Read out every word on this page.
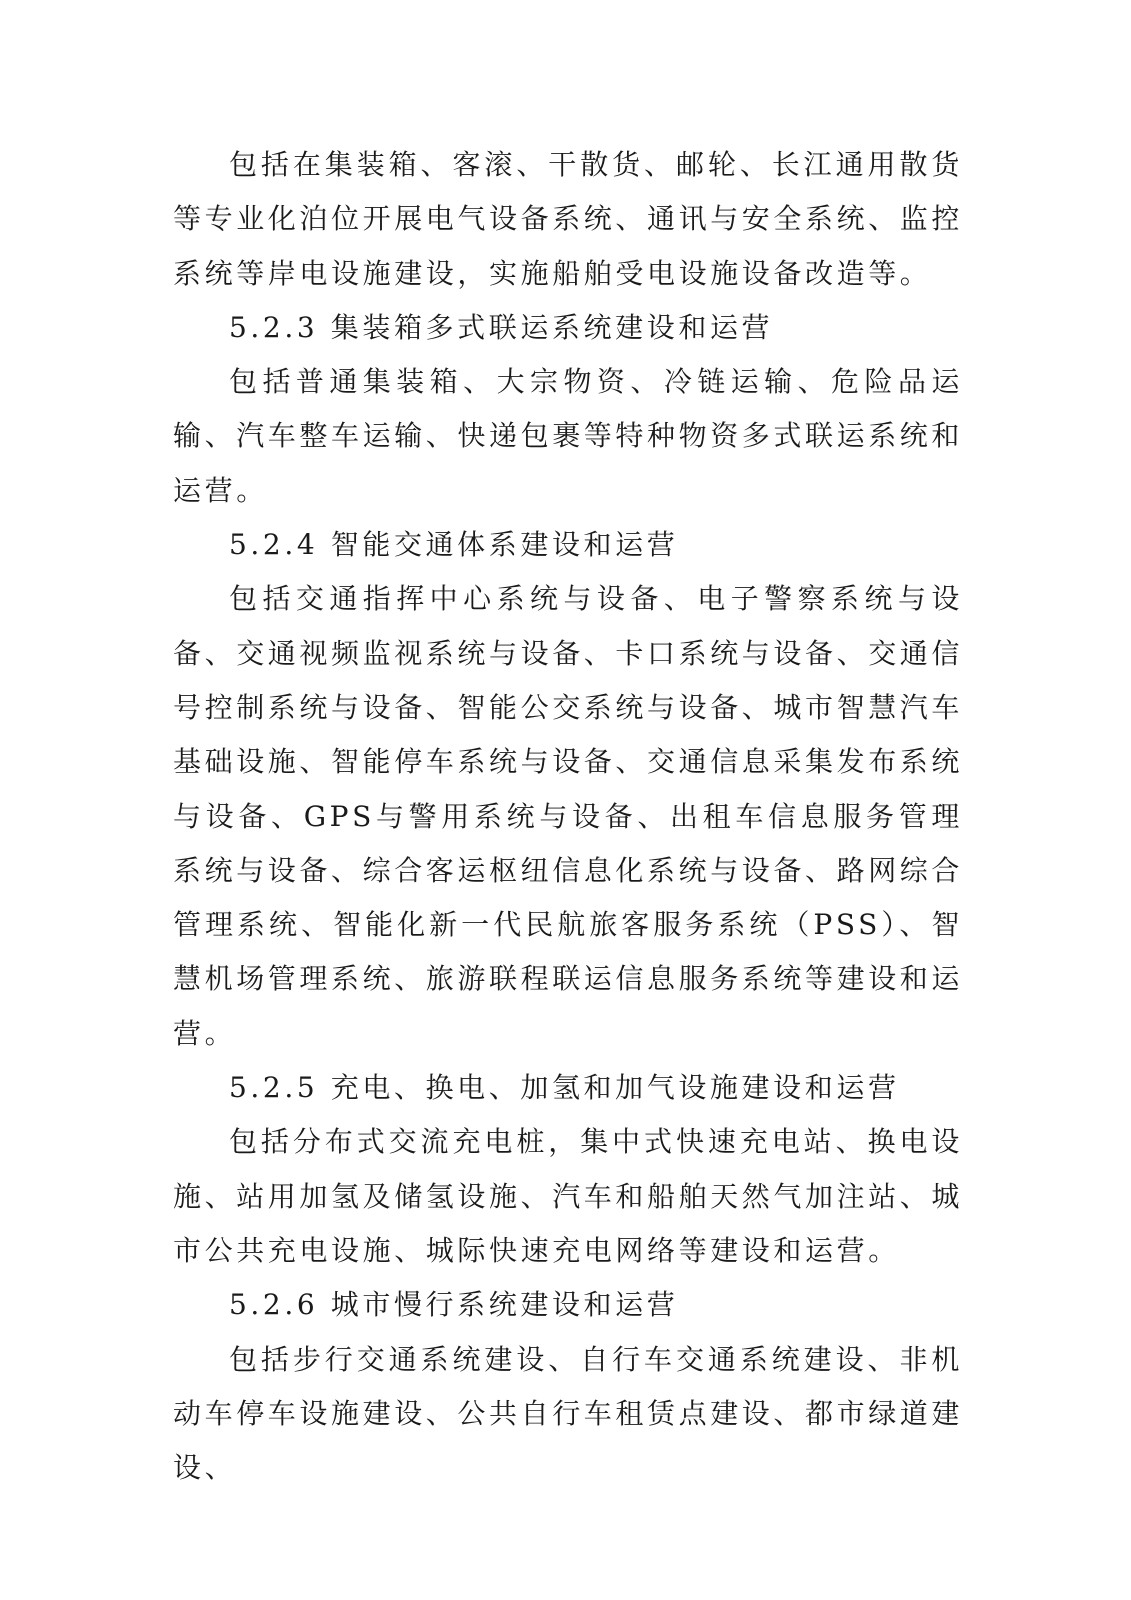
包括在集装箱、客滚、干散货、邮轮、长江通用散货等专业化泊位开展电气设备系统、通讯与安全系统、监控系统等岸电设施建设，实施船舶受电设施设备改造等。

5.2.3 集装箱多式联运系统建设和运营

包括普通集装箱、大宗物资、冷链运输、危险品运输、汽车整车运输、快递包裹等特种物资多式联运系统和运营。

5.2.4 智能交通体系建设和运营

包括交通指挥中心系统与设备、电子警察系统与设备、交通视频监视系统与设备、卡口系统与设备、交通信号控制系统与设备、智能公交系统与设备、城市智慧汽车基础设施、智能停车系统与设备、交通信息采集发布系统与设备、GPS与警用系统与设备、出租车信息服务管理系统与设备、综合客运枢纽信息化系统与设备、路网综合管理系统、智能化新一代民航旅客服务系统（PSS）、智慧机场管理系统、旅游联程联运信息服务系统等建设和运营。

5.2.5 充电、换电、加氢和加气设施建设和运营

包括分布式交流充电桩，集中式快速充电站、换电设施、站用加氢及储氢设施、汽车和船舶天然气加注站、城市公共充电设施、城际快速充电网络等建设和运营。

5.2.6 城市慢行系统建设和运营

包括步行交通系统建设、自行车交通系统建设、非机动车停车设施建设、公共自行车租赁点建设、都市绿道建设、
